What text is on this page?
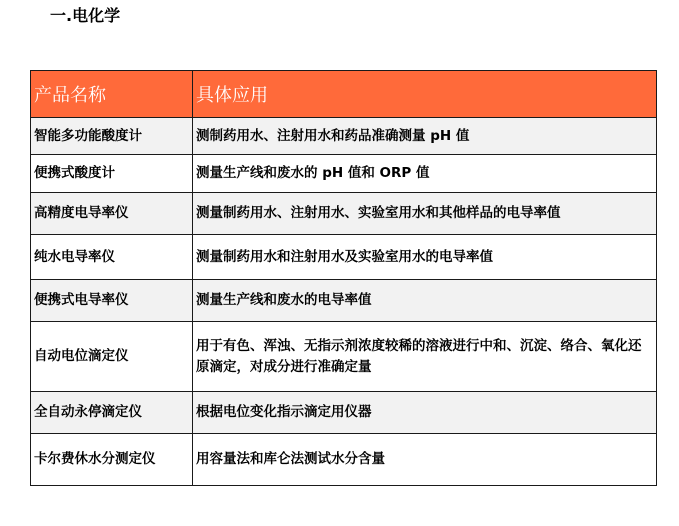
一.电化学
产品名称	具体应用
智能多功能酸度计	测制药用水、注射用水和药品准确测量 pH 值
便携式酸度计	测量生产线和废水的 pH 值和 ORP 值
高精度电导率仪	测量制药用水、注射用水、实验室用水和其他样品的电导率值
纯水电导率仪	测量制药用水和注射用水及实验室用水的电导率值
便携式电导率仪	测量生产线和废水的电导率值
自动电位滴定仪	用于有色、浑浊、无指示剂浓度较稀的溶液进行中和、沉淀、络合、氧化还原滴定，对成分进行准确定量
全自动永停滴定仪	根据电位变化指示滴定用仪器
卡尔费休水分测定仪	用容量法和库仑法测试水分含量
